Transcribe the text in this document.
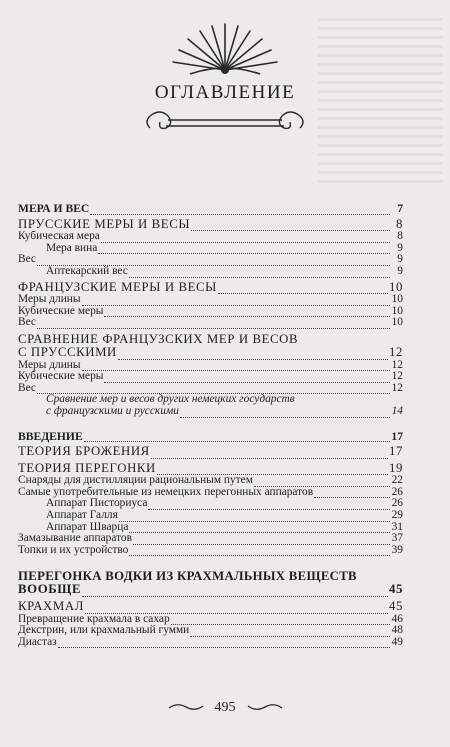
ОГЛАВЛЕНИЕ
МЕРА И ВЕС	7
ПРУССКИЕ МЕРЫ И ВЕСЫ	8
Кубическая мера	8
Мера вина	9
Вес	9
Аптекарский вес	9
ФРАНЦУЗСКИЕ МЕРЫ И ВЕСЫ	10
Меры длины	10
Кубические меры	10
Вес	10
СРАВНЕНИЕ ФРАНЦУЗСКИХ МЕР И ВЕСОВ
С ПРУССКИМИ	12
Меры длины	12
Кубические меры	12
Вес	12
Сравнение мер и весов других немецких государств
с французскими и русскими	14
ВВЕДЕНИЕ	17
ТЕОРИЯ БРОЖЕНИЯ	17
ТЕОРИЯ ПЕРЕГОНКИ	19
Снаряды для дистилляции рациональным путем	22
Самые употребительные из немецких перегонных аппаратов	26
Аппарат Писториуса	26
Аппарат Галля	29
Аппарат Шварца	31
Замазывание аппаратов	37
Топки и их устройство	39
ПЕРЕГОНКА ВОДКИ ИЗ КРАХМАЛЬНЫХ ВЕЩЕСТВ
ВООБЩЕ	45
КРАХМАЛ	45
Превращение крахмала в сахар	46
Декстрин, или крахмальный гумми	48
Диастаз	49
495
